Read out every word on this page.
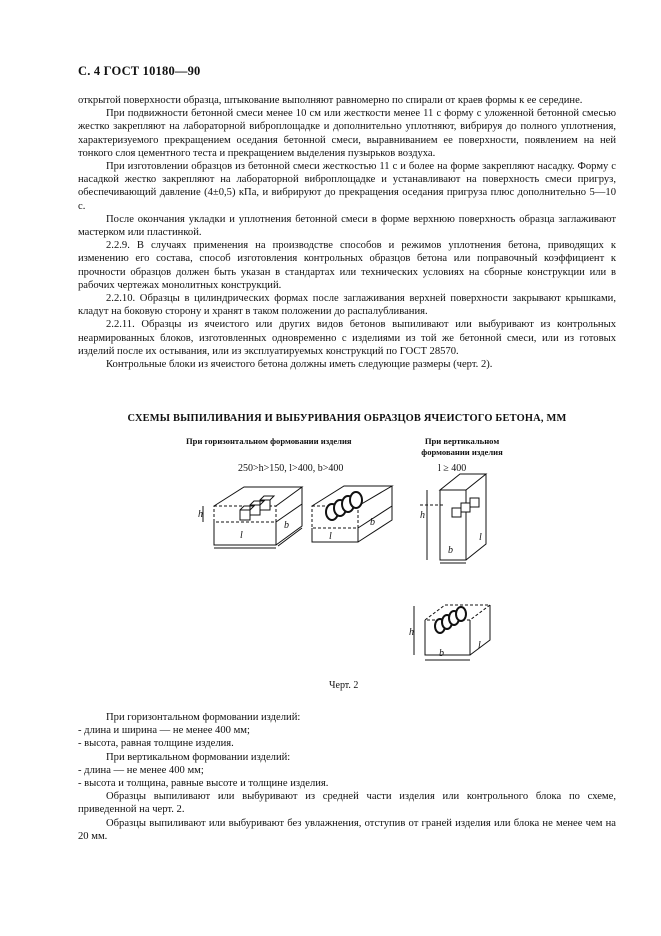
С. 4 ГОСТ 10180—90

открытой поверхности образца, штыкование выполняют равномерно по спирали от краев формы к ее середине.

При подвижности бетонной смеси менее 10 см или жесткости менее 11 с форму с уложенной бетонной смесью жестко закрепляют на лабораторной виброплощадке и дополнительно уплотняют, вибрируя до полного уплотнения, характеризуемого прекращением оседания бетонной смеси, выравниванием ее поверхности, появлением на ней тонкого слоя цементного теста и прекращением выделения пузырьков воздуха.

При изготовлении образцов из бетонной смеси жесткостью 11 с и более на форме закрепляют насадку. Форму с насадкой жестко закрепляют на лабораторной виброплощадке и устанавливают на поверхность смеси пригруз, обеспечивающий давление (4±0,5) кПа, и вибрируют до прекращения оседания пригруза плюс дополнительно 5—10 с.

После окончания укладки и уплотнения бетонной смеси в форме верхнюю поверхность образца заглаживают мастерком или пластинкой.

2.2.9. В случаях применения на производстве способов и режимов уплотнения бетона, приводящих к изменению его состава, способ изготовления контрольных образцов бетона или поправочный коэффициент к прочности образцов должен быть указан в стандартах или технических условиях на сборные конструкции или в рабочих чертежах монолитных конструкций.

2.2.10. Образцы в цилиндрических формах после заглаживания верхней поверхности закрывают крышками, кладут на боковую сторону и хранят в таком положении до распалубливания.

2.2.11. Образцы из ячеистого или других видов бетонов выпиливают или выбуривают из контрольных неармированных блоков, изготовленных одновременно с изделиями из той же бетонной смеси, или из готовых изделий после их остывания, или из эксплуатируемых конструкций по ГОСТ 28570.

Контрольные блоки из ячеистого бетона должны иметь следующие размеры (черт. 2).

СХЕМЫ ВЫПИЛИВАНИЯ И ВЫБУРИВАНИЯ ОБРАЗЦОВ ЯЧЕИСТОГО БЕТОНА, ММ
При горизонтальном формовании изделия	При вертикальном формовании изделия
250>h>150, l>400, b>400	l ≥ 400
h
l
b
l
b
h
b
l
h
b
l
Черт. 2

При горизонтальном формовании изделий:

- длина и ширина — не менее 400 мм;

- высота, равная толщине изделия.

При вертикальном формовании изделий:

- длина — не менее 400 мм;

- высота и толщина, равные высоте и толщине изделия.

Образцы выпиливают или выбуривают из средней части изделия или контрольного блока по схеме, приведенной на черт. 2.

Образцы выпиливают или выбуривают без увлажнения, отступив от граней изделия или блока не менее чем на 20 мм.
